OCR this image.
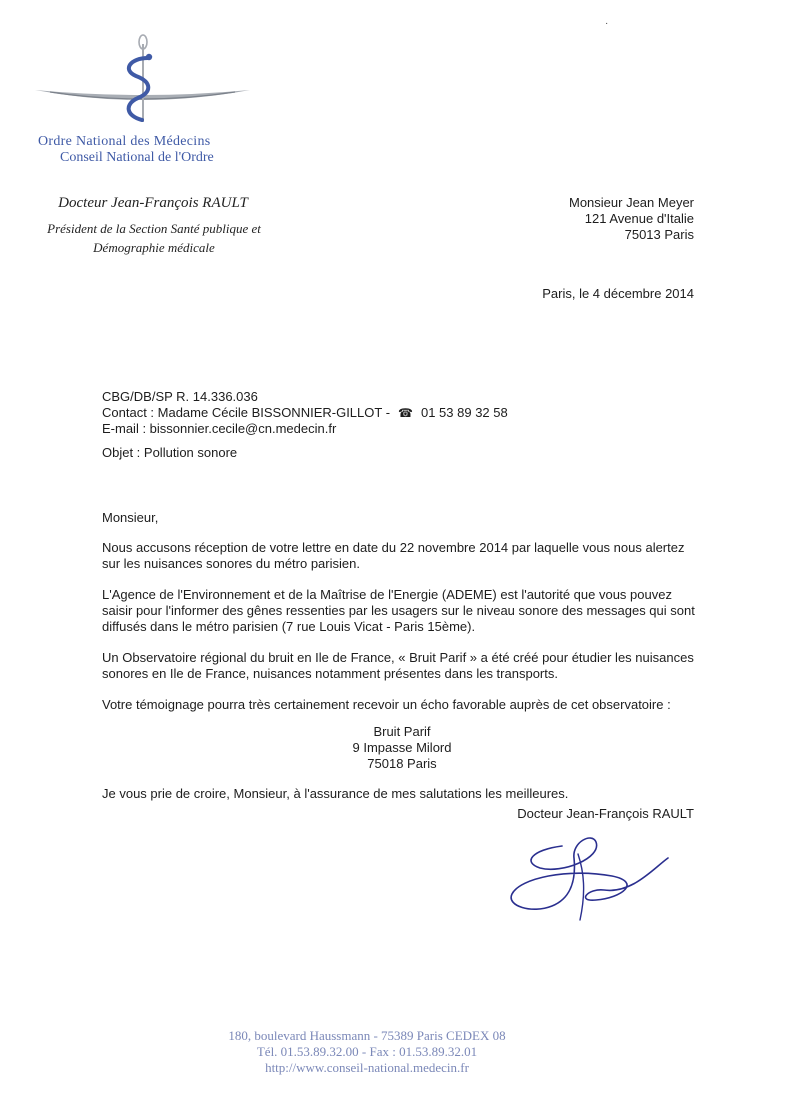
·
Ordre National des Médecins
Conseil National de l'Ordre
Docteur Jean-François RAULT
Président de la Section Santé publique et
Démographie médicale
Monsieur Jean Meyer
121 Avenue d'Italie
75013 Paris
Paris, le 4 décembre 2014
CBG/DB/SP R. 14.336.036
Contact : Madame Cécile BISSONNIER-GILLOT - ☎ 01 53 89 32 58
E-mail : bissonnier.cecile@cn.medecin.fr
Objet : Pollution sonore

Monsieur,

Nous accusons réception de votre lettre en date du 22 novembre 2014 par laquelle vous nous alertez sur les nuisances sonores du métro parisien.

L'Agence de l'Environnement et de la Maîtrise de l'Energie (ADEME) est l'autorité que vous pouvez saisir pour l'informer des gênes ressenties par les usagers sur le niveau sonore des messages qui sont diffusés dans le métro parisien (7 rue Louis Vicat - Paris 15ème).

Un Observatoire régional du bruit en Ile de France, « Bruit Parif » a été créé pour étudier les nuisances sonores en Ile de France, nuisances notamment présentes dans les transports.

Votre témoignage pourra très certainement recevoir un écho favorable auprès de cet observatoire :

Bruit Parif
9 Impasse Milord
75018 Paris

Je vous prie de croire, Monsieur, à l'assurance de mes salutations les meilleures.

Docteur Jean-François RAULT
180, boulevard Haussmann - 75389 Paris CEDEX 08
Tél. 01.53.89.32.00 - Fax : 01.53.89.32.01
http://www.conseil-national.medecin.fr
